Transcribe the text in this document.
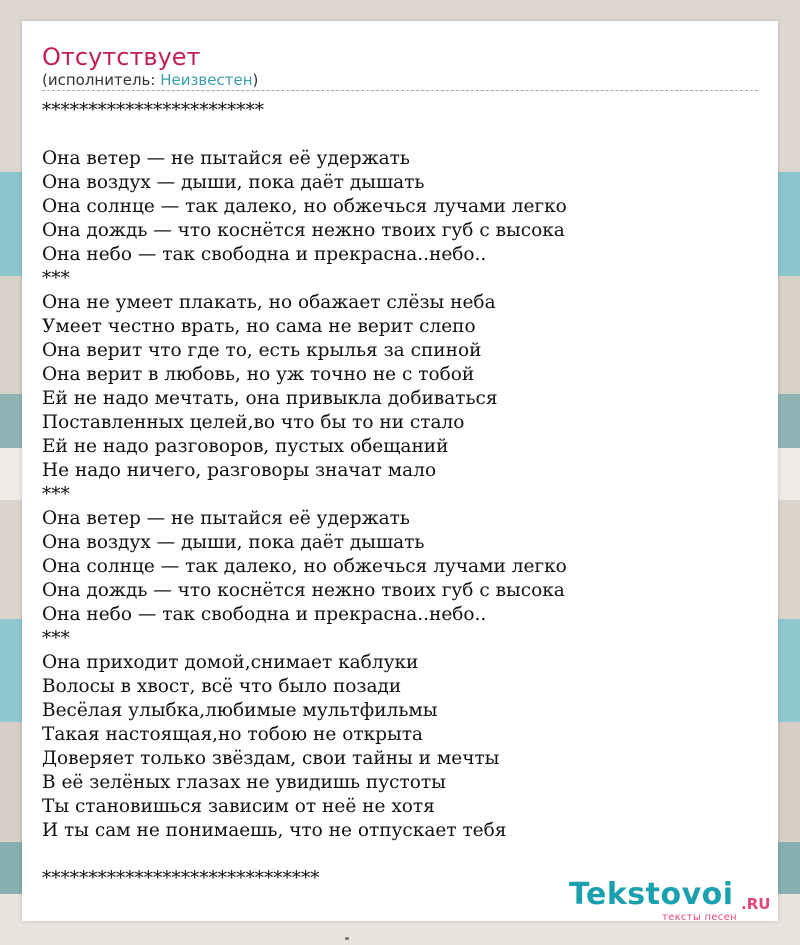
Отсутствует
(исполнитель: Неизвестен)
************************
Она ветер — не пытайся её удержать
Она воздух — дыши, пока даёт дышать
Она солнце — так далеко, но обжечься лучами легко
Она дождь — что коснётся нежно твоих губ с высока
Она небо — так свободна и прекрасна..небо..
***
Она не умеет плакать, но обажает слёзы неба
Умеет честно врать, но сама не верит слепо
Она верит что где то, есть крылья за спиной
Она верит в любовь, но уж точно не с тобой
Ей не надо мечтать, она привыкла добиваться
Поставленных целей,во что бы то ни стало
Ей не надо разговоров, пустых обещаний
Не надо ничего, разговоры значат мало
***
Она ветер — не пытайся её удержать
Она воздух — дыши, пока даёт дышать
Она солнце — так далеко, но обжечься лучами легко
Она дождь — что коснётся нежно твоих губ с высока
Она небо — так свободна и прекрасна..небо..
***
Она приходит домой,снимает каблуки
Волосы в хвост, всё что было позади
Весёлая улыбка,любимые мультфильмы
Такая настоящая,но тобою не открыта
Доверяет только звёздам, свои тайны и мечты
В её зелёных глазах не увидишь пустоты
Ты становишься зависим от неё не хотя
И ты сам не понимаешь, что не отпускает тебя
******************************	Tekstovoi .RU
тексты песен
